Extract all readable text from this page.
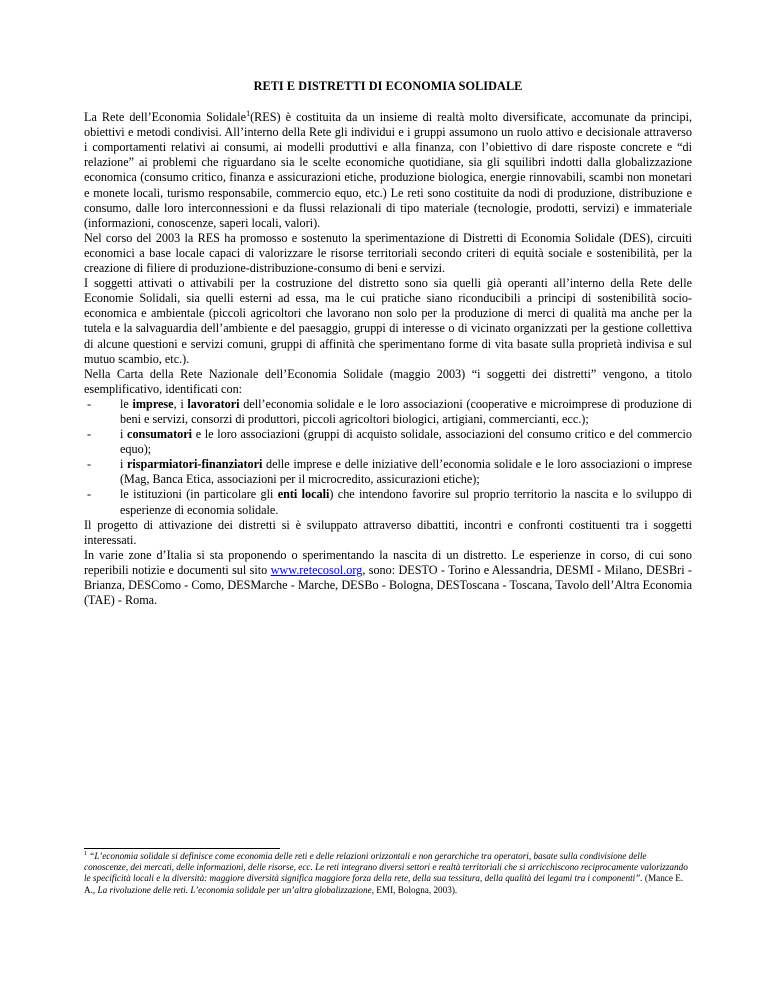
RETI E DISTRETTI DI ECONOMIA SOLIDALE

La Rete dell’Economia Solidale$^1$(RES) è costituita da un insieme di realtà molto diversificate, accomunate da principi, obiettivi e metodi condivisi. All’interno della Rete gli individui e i gruppi assumono un ruolo attivo e decisionale attraverso i comportamenti relativi ai consumi, ai modelli produttivi e alla finanza, con l’obiettivo di dare risposte concrete e “di relazione” ai problemi che riguardano sia le scelte economiche quotidiane, sia gli squilibri indotti dalla globalizzazione economica (consumo critico, finanza e assicurazioni etiche, produzione biologica, energie rinnovabili, scambi non monetari e monete locali, turismo responsabile, commercio equo, etc.) Le reti sono costituite da nodi di produzione, distribuzione e consumo, dalle loro interconnessioni e da flussi relazionali di tipo materiale (tecnologie, prodotti, servizi) e immateriale (informazioni, conoscenze, saperi locali, valori).

Nel corso del 2003 la RES ha promosso e sostenuto la sperimentazione di Distretti di Economia Solidale (DES), circuiti economici a base locale capaci di valorizzare le risorse territoriali secondo criteri di equità sociale e sostenibilità, per la creazione di filiere di produzione-distribuzione-consumo di beni e servizi.

I soggetti attivati o attivabili per la costruzione del distretto sono sia quelli già operanti all’interno della Rete delle Economie Solidali, sia quelli esterni ad essa, ma le cui pratiche siano riconducibili a principi di sostenibilità socio-economica e ambientale (piccoli agricoltori che lavorano non solo per la produzione di merci di qualità ma anche per la tutela e la salvaguardia dell’ambiente e del paesaggio, gruppi di interesse o di vicinato organizzati per la gestione collettiva di alcune questioni e servizi comuni, gruppi di affinità che sperimentano forme di vita basate sulla proprietà indivisa e sul mutuo scambio, etc.).

Nella Carta della Rete Nazionale dell’Economia Solidale (maggio 2003) “i soggetti dei distretti” vengono, a titolo esemplificativo, identificati con:

- le imprese, i lavoratori dell’economia solidale e le loro associazioni (cooperative e microimprese di produzione di beni e servizi, consorzi di produttori, piccoli agricoltori biologici, artigiani, commercianti, ecc.);
- i consumatori e le loro associazioni (gruppi di acquisto solidale, associazioni del consumo critico e del commercio equo);
- i risparmiatori-finanziatori delle imprese e delle iniziative dell’economia solidale e le loro associazioni o imprese (Mag, Banca Etica, associazioni per il microcredito, assicurazioni etiche);
- le istituzioni (in particolare gli enti locali) che intendono favorire sul proprio territorio la nascita e lo sviluppo di esperienze di economia solidale.

Il progetto di attivazione dei distretti si è sviluppato attraverso dibattiti, incontri e confronti costituenti tra i soggetti interessati.

In varie zone d’Italia si sta proponendo o sperimentando la nascita di un distretto. Le esperienze in corso, di cui sono reperibili notizie e documenti sul sito www.retecosol.org, sono: DESTO - Torino e Alessandria, DESMI - Milano, DESBri - Brianza, DESComo - Como, DESMarche - Marche, DESBo - Bologna, DESToscana - Toscana, Tavolo dell’Altra Economia (TAE) - Roma.

$^1$ “L’economia solidale si definisce come economia delle reti e delle relazioni orizzontali e non gerarchiche tra operatori, basate sulla condivisione delle conoscenze, dei mercati, delle informazioni, delle risorse, ecc. Le reti integrano diversi settori e realtà territoriali che si arricchiscono reciprocamente valorizzando le specificità locali e la diversità: maggiore diversità significa maggiore forza della rete, della sua tessitura, della qualità dei legami tra i componenti”. (Mance E. A., La rivoluzione delle reti. L’economia solidale per un’altra globalizzazione, EMI, Bologna, 2003).
